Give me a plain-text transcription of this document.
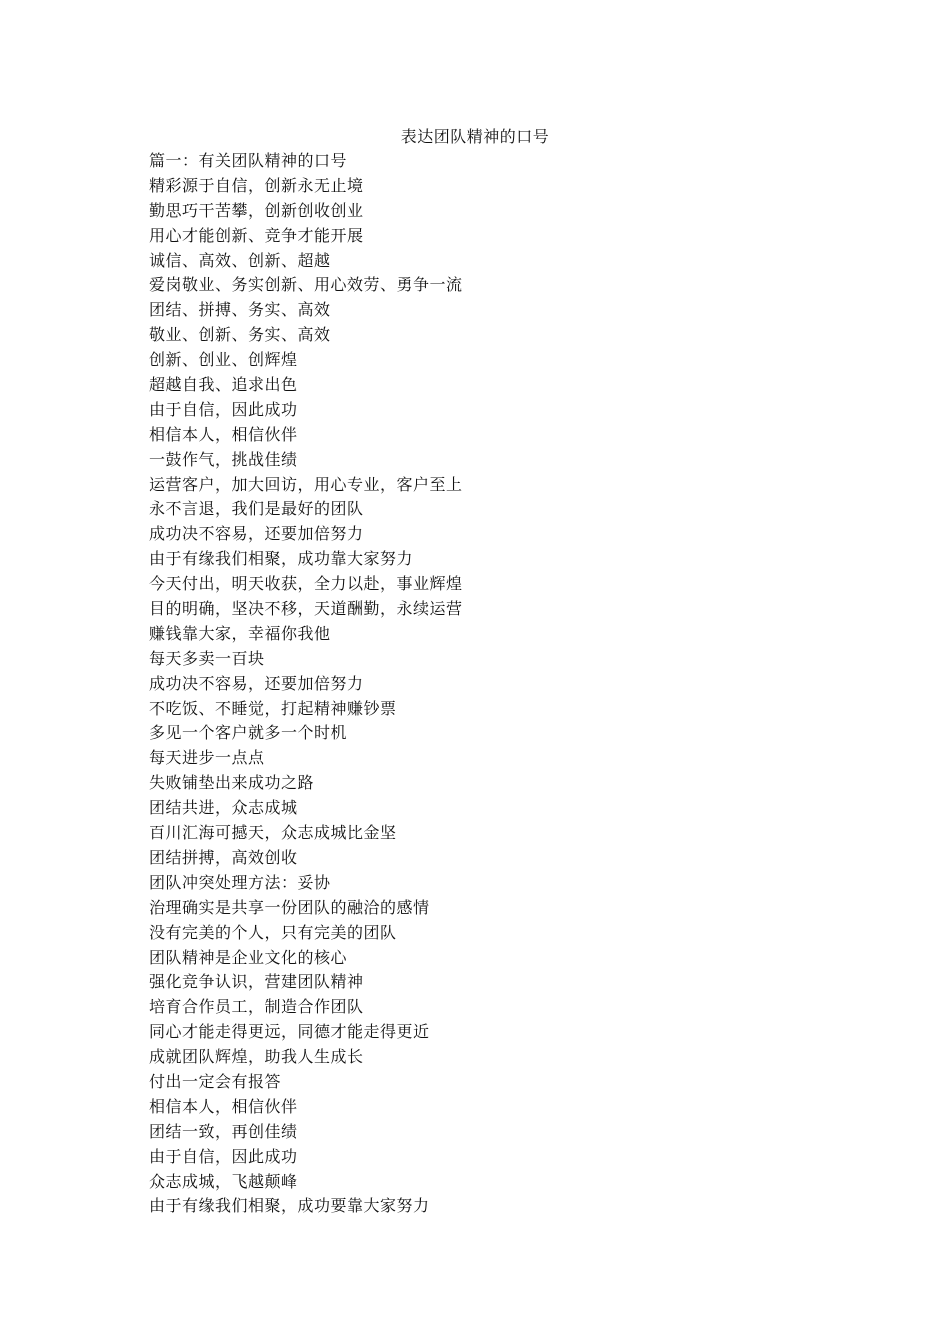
表达团队精神的口号
篇一：有关团队精神的口号
精彩源于自信，创新永无止境
勤思巧干苦攀，创新创收创业
用心才能创新、竞争才能开展
诚信、高效、创新、超越
爱岗敬业、务实创新、用心效劳、勇争一流
团结、拼搏、务实、高效
敬业、创新、务实、高效
创新、创业、创辉煌
超越自我、追求出色
由于自信，因此成功
相信本人，相信伙伴
一鼓作气，挑战佳绩
运营客户，加大回访，用心专业，客户至上
永不言退，我们是最好的团队
成功决不容易，还要加倍努力
由于有缘我们相聚，成功靠大家努力
今天付出，明天收获，全力以赴，事业辉煌
目的明确，坚决不移，天道酬勤，永续运营
赚钱靠大家，幸福你我他
每天多卖一百块
成功决不容易，还要加倍努力
不吃饭、不睡觉，打起精神赚钞票
多见一个客户就多一个时机
每天进步一点点
失败铺垫出来成功之路
团结共进，众志成城
百川汇海可撼天，众志成城比金坚
团结拼搏，高效创收
团队冲突处理方法：妥协
治理确实是共享一份团队的融洽的感情
没有完美的个人，只有完美的团队
团队精神是企业文化的核心
强化竞争认识，营建团队精神
培育合作员工，制造合作团队
同心才能走得更远，同德才能走得更近
成就团队辉煌，助我人生成长
付出一定会有报答
相信本人，相信伙伴
团结一致，再创佳绩
由于自信，因此成功
众志成城，飞越颠峰
由于有缘我们相聚，成功要靠大家努力
